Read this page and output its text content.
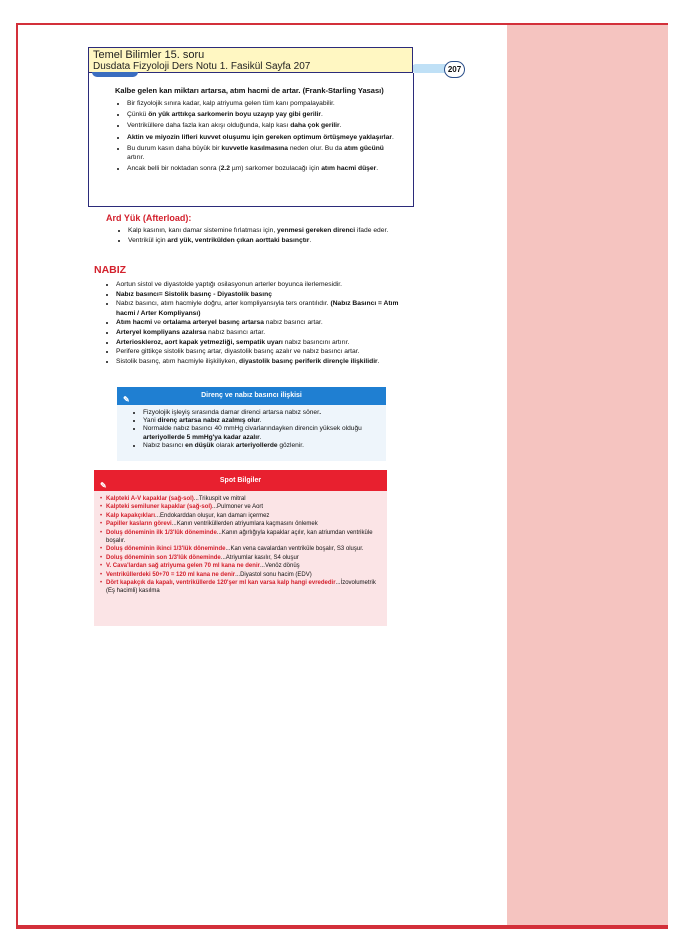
207
Temel Bilimler 15. soru
Dusdata Fizyoloji Ders Notu 1. Fasikül Sayfa 207
Kalbe gelen kan miktarı artarsa, atım hacmi de artar. (Frank-Starling Yasası)
• Bir fizyolojik sınıra kadar, kalp atriyuma gelen tüm kanı pompalayabilir.
• Çünkü ön yük arttıkça sarkomerin boyu uzayıp yay gibi gerilir.
• Ventriküllere daha fazla kan akışı olduğunda, kalp kası daha çok gerilir.
• Aktin ve miyozin lifleri kuvvet oluşumu için gereken optimum örtüşmeye yaklaşırlar.
• Bu durum kasın daha büyük bir kuvvetle kasılmasına neden olur. Bu da atım gücünü artırır.
• Ancak belli bir noktadan sonra (2.2 µm) sarkomer bozulacağı için atım hacmi düşer.
Ard Yük (Afterload):
• Kalp kasının, kanı damar sistemine fırlatması için, yenmesi gereken direnci ifade eder.
• Ventrikül için ard yük, ventrikülden çıkan aorttaki basınçtır.
NABIZ
• Aortun sistol ve diyastolde yaptığı osilasyonun arterler boyunca ilerlemesidir.
• Nabız basıncı= Sistolik basınç - Diyastolik basınç
• Nabız basıncı, atım hacmiyle doğru, arter kompliyansıyla ters orantılıdır. (Nabız Basıncı = Atım hacmi / Arter Kompliyansı)
• Atım hacmi ve ortalama arteryel basınç artarsa nabız basıncı artar.
• Arteryel kompliyans azalırsa nabız basıncı artar.
• Arterioskleroz, aort kapak yetmezliği, sempatik uyarı nabız basıncını artırır.
• Perifere gittikçe sistolik basınç artar, diyastolik basınç azalır ve nabız basıncı artar.
• Sistolik basınç, atım hacmiyle ilişkiliyken, diyastolik basınç periferik dirençle ilişkilidir.
✎	Direnç ve nabız basıncı ilişkisi
• Fizyolojik işleyiş sırasında damar direnci artarsa nabız söner.
• Yani direnç artarsa nabız azalmış olur.
• Normalde nabız basıncı 40 mmHg civarlarındayken direncin yüksek olduğu arteriyollerde 5 mmHg'ya kadar azalır.
• Nabız basıncı en düşük olarak arteriyollerde gözlenir.
✎
Spot Bilgiler
• Kalpteki A-V kapaklar (sağ-sol)...Trikuspit ve mitral
• Kalpteki semiluner kapaklar (sağ-sol)...Pulmoner ve Aort
• Kalp kapakçıkları...Endokarddan oluşur, kan damarı içermez
• Papiller kasların görevi...Kanın ventriküllerden atriyumlara kaçmasını önlemek
• Doluş döneminin ilk 1/3'lük döneminde...Kanın ağırlığıyla kapaklar açılır, kan atriumdan ventriküle boşalır.
• Doluş döneminin ikinci 1/3'lük döneminde...Kan vena cavalardan ventriküle boşalır, S3 oluşur.
• Doluş döneminin son 1/3'lük döneminde...Atriyumlar kasılır, S4 oluşur
• V. Cava'lardan sağ atriyuma gelen 70 ml kana ne denir...Venöz dönüş
• Ventriküllerdeki 50+70 = 120 ml kana ne denir...Diyastol sonu hacim (EDV)
• Dört kapakçık da kapalı, ventriküllerde 120'şer ml kan varsa kalp hangi evrededir...İzovolumetrik (Eş hacimli) kasılma
